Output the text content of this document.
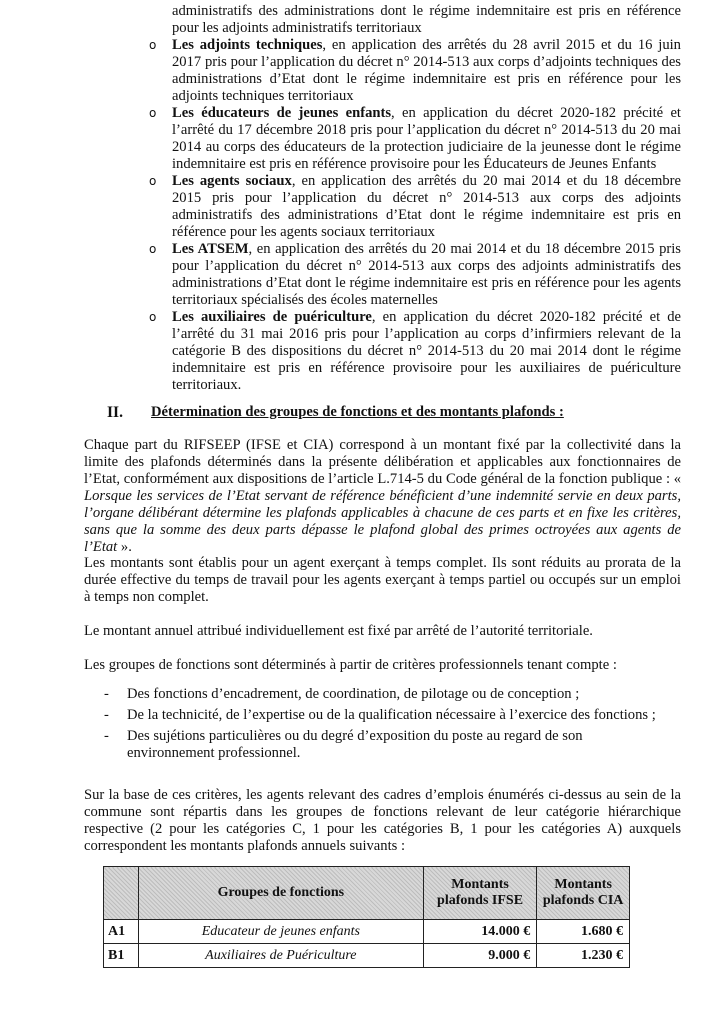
administratifs des administrations dont le régime indemnitaire est pris en référence pour les adjoints administratifs territoriaux

o Les adjoints techniques, en application des arrêtés du 28 avril 2015 et du 16 juin 2017 pris pour l’application du décret n° 2014-513 aux corps d’adjoints techniques des administrations d’Etat dont le régime indemnitaire est pris en référence pour les adjoints techniques territoriaux

o Les éducateurs de jeunes enfants, en application du décret 2020-182 précité et l’arrêté du 17 décembre 2018 pris pour l’application du décret n° 2014-513 du 20 mai 2014 au corps des éducateurs de la protection judiciaire de la jeunesse dont le régime indemnitaire est pris en référence provisoire pour les Éducateurs de Jeunes Enfants

o Les agents sociaux, en application des arrêtés du 20 mai 2014 et du 18 décembre 2015 pris pour l’application du décret n° 2014-513 aux corps des adjoints administratifs des administrations d’Etat dont le régime indemnitaire est pris en référence pour les agents sociaux territoriaux

o Les ATSEM, en application des arrêtés du 20 mai 2014 et du 18 décembre 2015 pris pour l’application du décret n° 2014-513 aux corps des adjoints administratifs des administrations d’Etat dont le régime indemnitaire est pris en référence pour les agents territoriaux spécialisés des écoles maternelles

o Les auxiliaires de puériculture, en application du décret 2020-182 précité et de l’arrêté du 31 mai 2016 pris pour l’application au corps d’infirmiers relevant de la catégorie B des dispositions du décret n° 2014-513 du 20 mai 2014 dont le régime indemnitaire est pris en référence provisoire pour les auxiliaires de puériculture territoriaux.

II. Détermination des groupes de fonctions et des montants plafonds :

Chaque part du RIFSEEP (IFSE et CIA) correspond à un montant fixé par la collectivité dans la limite des plafonds déterminés dans la présente délibération et applicables aux fonctionnaires de l’Etat, conformément aux dispositions de l’article L.714-5 du Code général de la fonction publique : « Lorsque les services de l’Etat servant de référence bénéficient d’une indemnité servie en deux parts, l’organe délibérant détermine les plafonds applicables à chacune de ces parts et en fixe les critères, sans que la somme des deux parts dépasse le plafond global des primes octroyées aux agents de l’Etat ».

Les montants sont établis pour un agent exerçant à temps complet. Ils sont réduits au prorata de la durée effective du temps de travail pour les agents exerçant à temps partiel ou occupés sur un emploi à temps non complet.

Le montant annuel attribué individuellement est fixé par arrêté de l’autorité territoriale.

Les groupes de fonctions sont déterminés à partir de critères professionnels tenant compte :

- Des fonctions d’encadrement, de coordination, de pilotage ou de conception ;
- De la technicité, de l’expertise ou de la qualification nécessaire à l’exercice des fonctions ;
- Des sujétions particulières ou du degré d’exposition du poste au regard de son environnement professionnel.

Sur la base de ces critères, les agents relevant des cadres d’emplois énumérés ci-dessus au sein de la commune sont répartis dans les groupes de fonctions relevant de leur catégorie hiérarchique respective (2 pour les catégories C, 1 pour les catégories B, 1 pour les catégories A) auxquels correspondent les montants plafonds annuels suivants :

	Groupes de fonctions	Montants plafonds IFSE	Montants plafonds CIA
A1	Educateur de jeunes enfants	14.000 €	1.680 €
B1	Auxiliaires de Puériculture	9.000 €	1.230 €
